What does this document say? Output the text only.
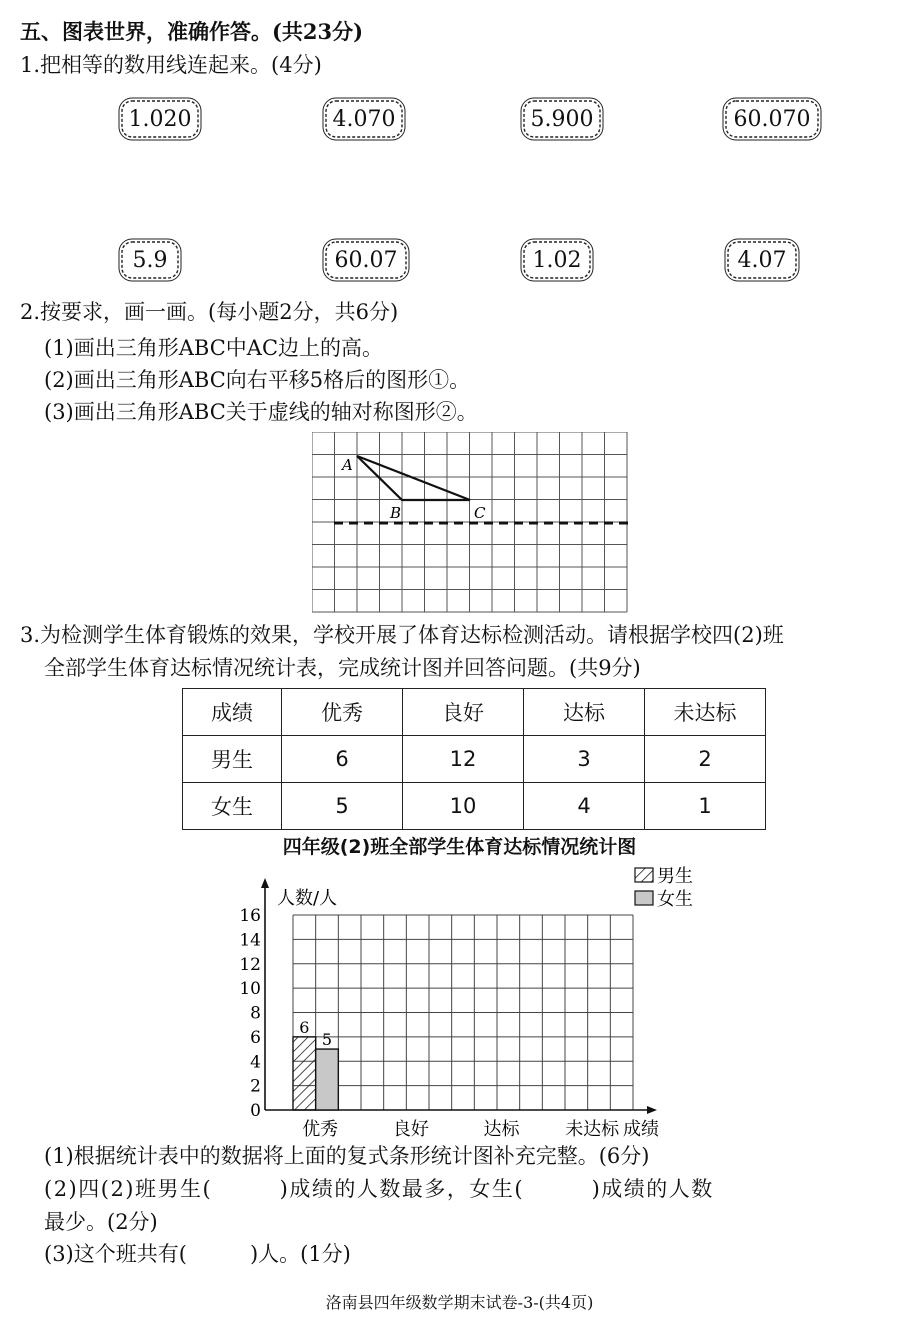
五、图表世界，准确作答。(共23分)
1.把相等的数用线连起来。(4分)
1.020	4.070	5.900	60.070
5.9	60.07	1.02	4.07
2.按要求，画一画。(每小题2分，共6分)
(1)画出三角形ABC中AC边上的高。
(2)画出三角形ABC向右平移5格后的图形①。
(3)画出三角形ABC关于虚线的轴对称图形②。
A
B	C
3.为检测学生体育锻炼的效果，学校开展了体育达标检测活动。请根据学校四(2)班
全部学生体育达标情况统计表，完成统计图并回答问题。(共9分)
成绩	优秀	良好	达标	未达标
男生	6	12	3	2
女生	5	10	4	1
四年级(2)班全部学生体育达标情况统计图
人数/人
成绩
16
14
12
10
8
6
4
2
0
优秀	良好	达标	未达标
6
5
男生
女生
(1)根据统计表中的数据将上面的复式条形统计图补充完整。(6分)
(2)四(2)班男生(　　　)成绩的人数最多，女生(　　　)成绩的人数
最少。(2分)
(3)这个班共有(　　　)人。(1分)
洛南县四年级数学期末试卷-3-(共4页)
